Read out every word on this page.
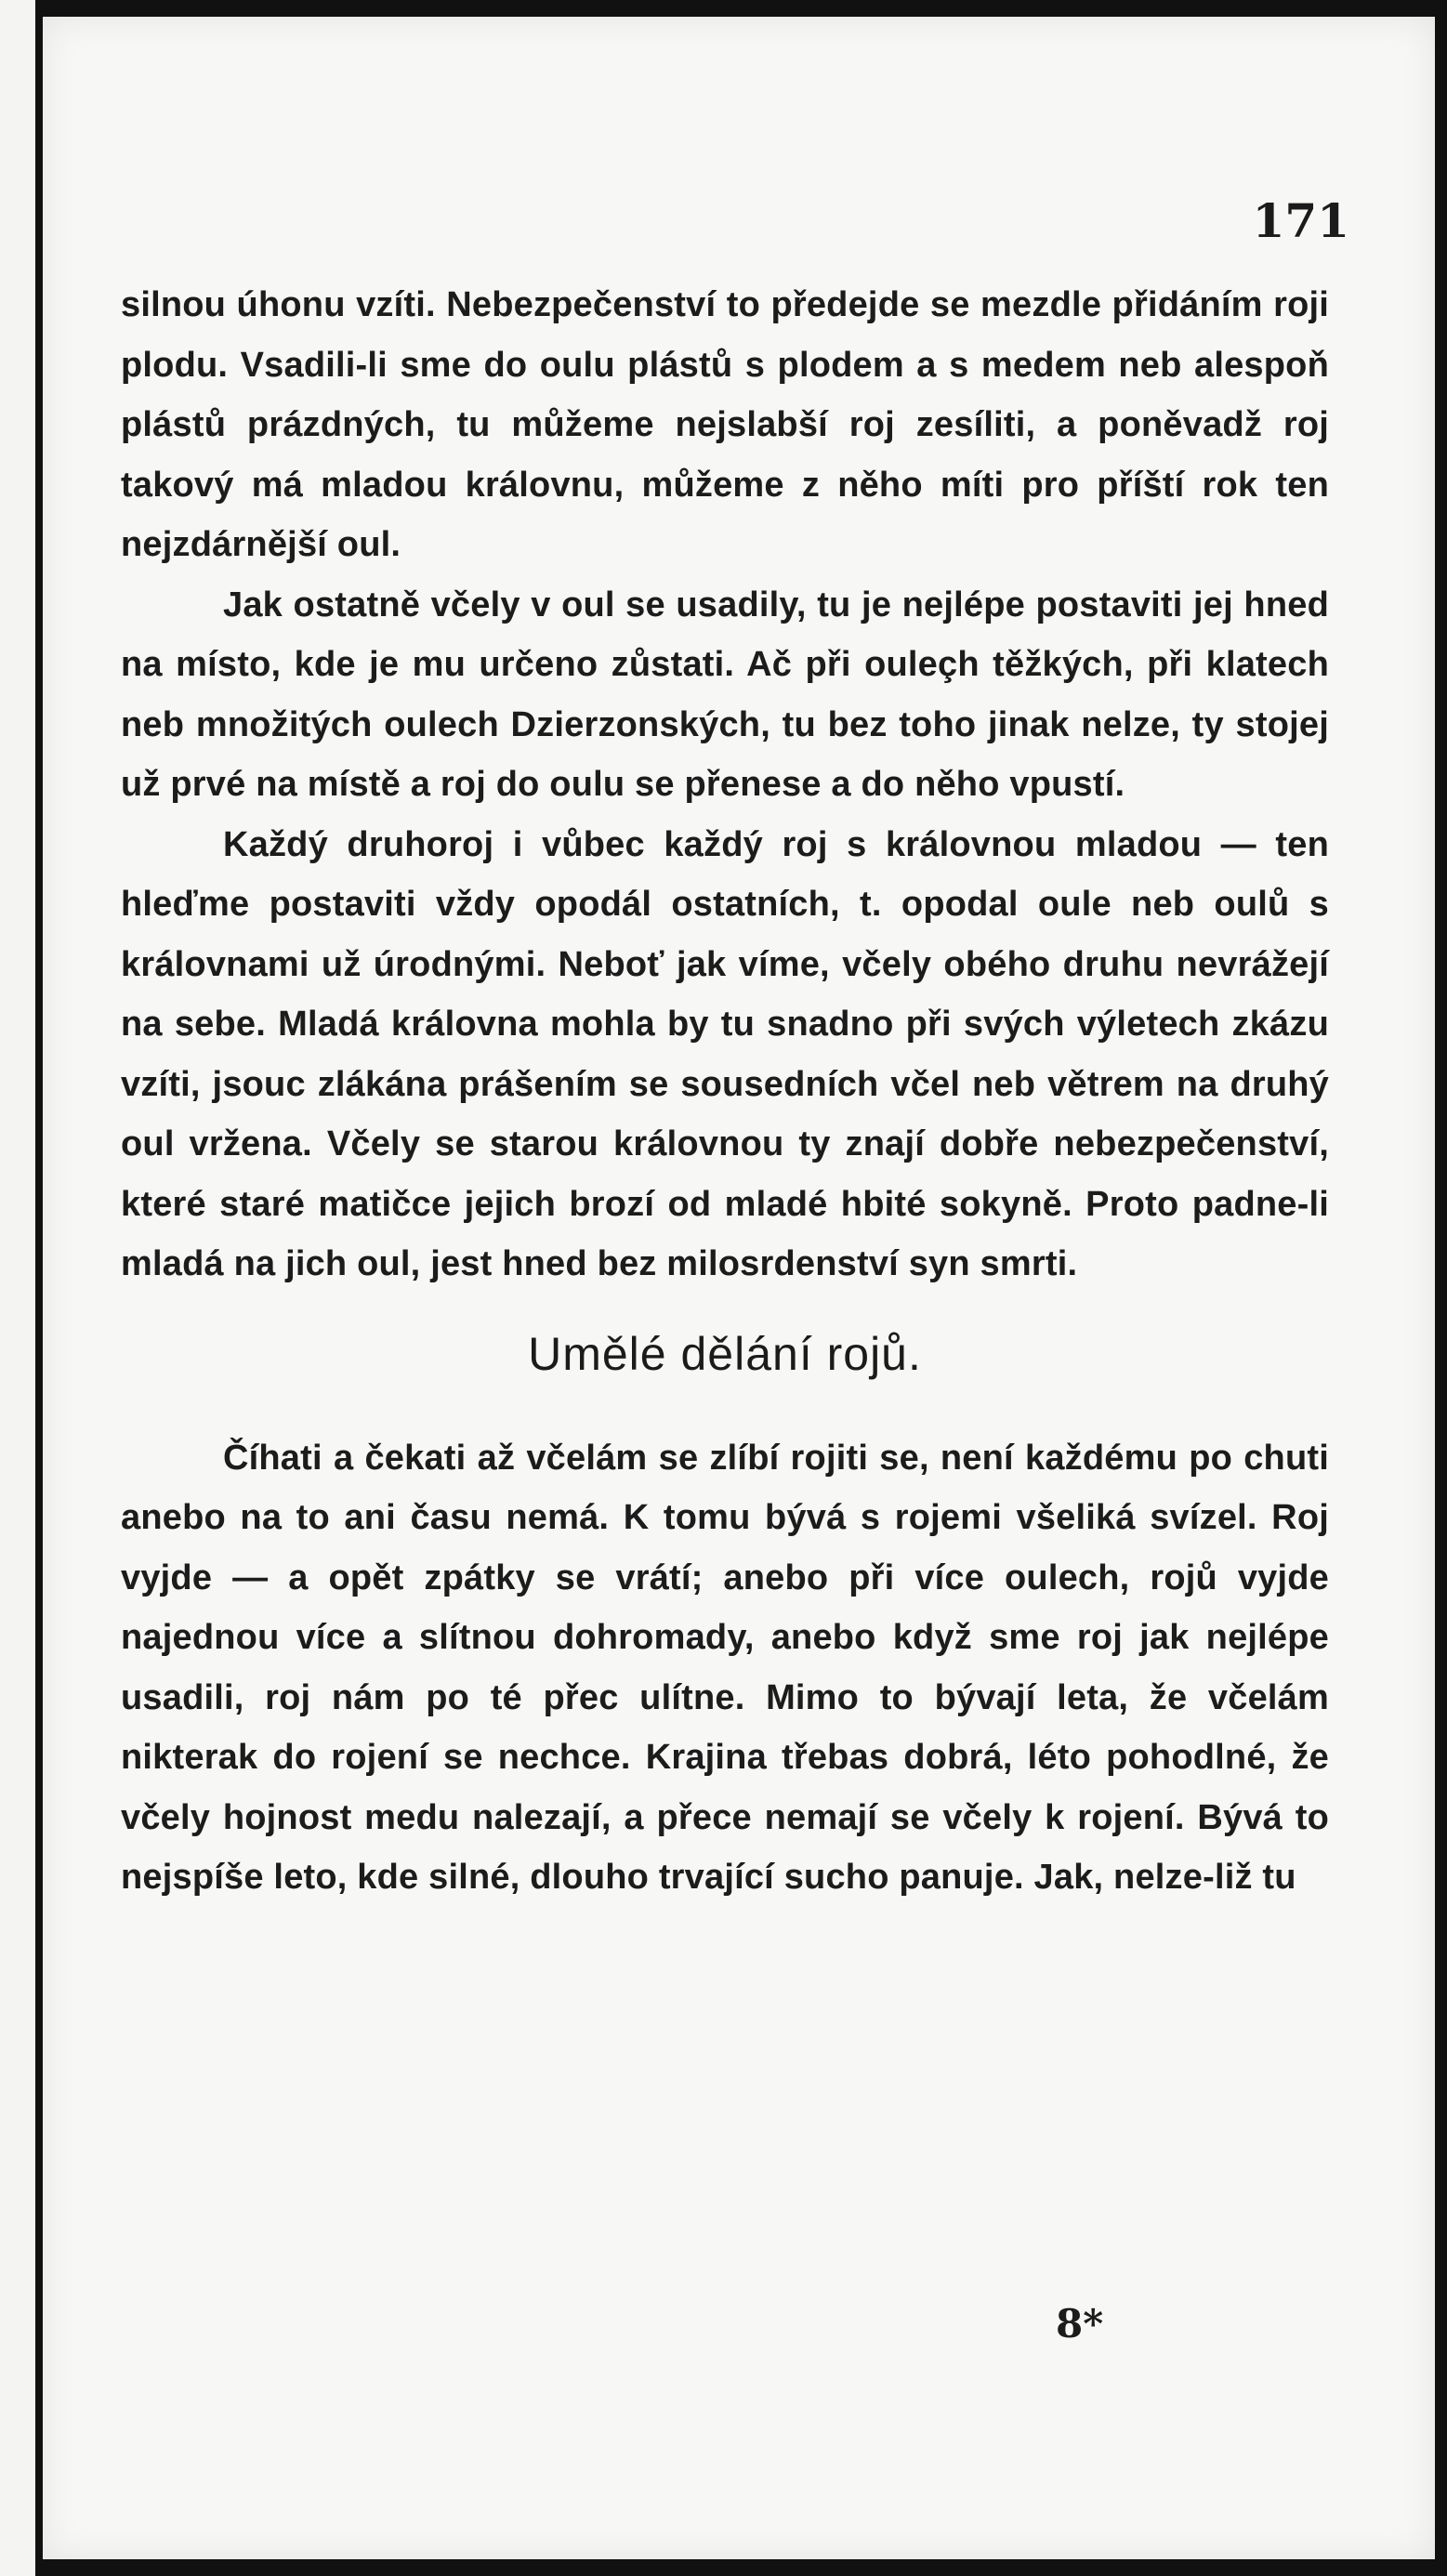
171

silnou úhonu vzíti. Nebezpečenství to předejde se mezdle přidáním roji plodu. Vsadili-li sme do oulu plástů s plodem a s medem neb alespoň plástů prázdných, tu můžeme nejslabší roj zesíliti, a poněvadž roj takový má mladou královnu, můžeme z něho míti pro příští rok ten nejzdárnější oul.

Jak ostatně včely v oul se usadily, tu je nejlépe postaviti jej hned na místo, kde je mu určeno zůstati. Ač při ouleçh těžkých, při klatech neb množitých oulech Dzierzonských, tu bez toho jinak nelze, ty stojej už prvé na místě a roj do oulu se přenese a do něho vpustí.

Každý druhoroj i vůbec každý roj s královnou mladou — ten hleďme postaviti vždy opodál ostatních, t. opodal oule neb oulů s královnami už úrodnými. Neboť jak víme, včely obého druhu nevrážejí na sebe. Mladá královna mohla by tu snadno při svých výletech zkázu vzíti, jsouc zlákána prášením se sousedních včel neb větrem na druhý oul vržena. Včely se starou královnou ty znají dobře nebezpečenství, které staré matičce jejich brozí od mladé hbité sokyně. Proto padne-li mladá na jich oul, jest hned bez milosrdenství syn smrti.

Umělé dělání rojů.

Číhati a čekati až včelám se zlíbí rojiti se, není každému po chuti anebo na to ani času nemá. K tomu bývá s rojemi všeliká svízel. Roj vyjde — a opět zpátky se vrátí; anebo při více oulech, rojů vyjde najednou více a slítnou dohromady, anebo když sme roj jak nejlépe usadili, roj nám po té přec ulítne. Mimo to bývají leta, že včelám nikterak do rojení se nechce. Krajina třebas dobrá, léto pohodlné, že včely hojnost medu nalezají, a přece nemají se včely k rojení. Bývá to nejspíše leto, kde silné, dlouho trvající sucho panuje. Jak, nelze-liž tu

8*
